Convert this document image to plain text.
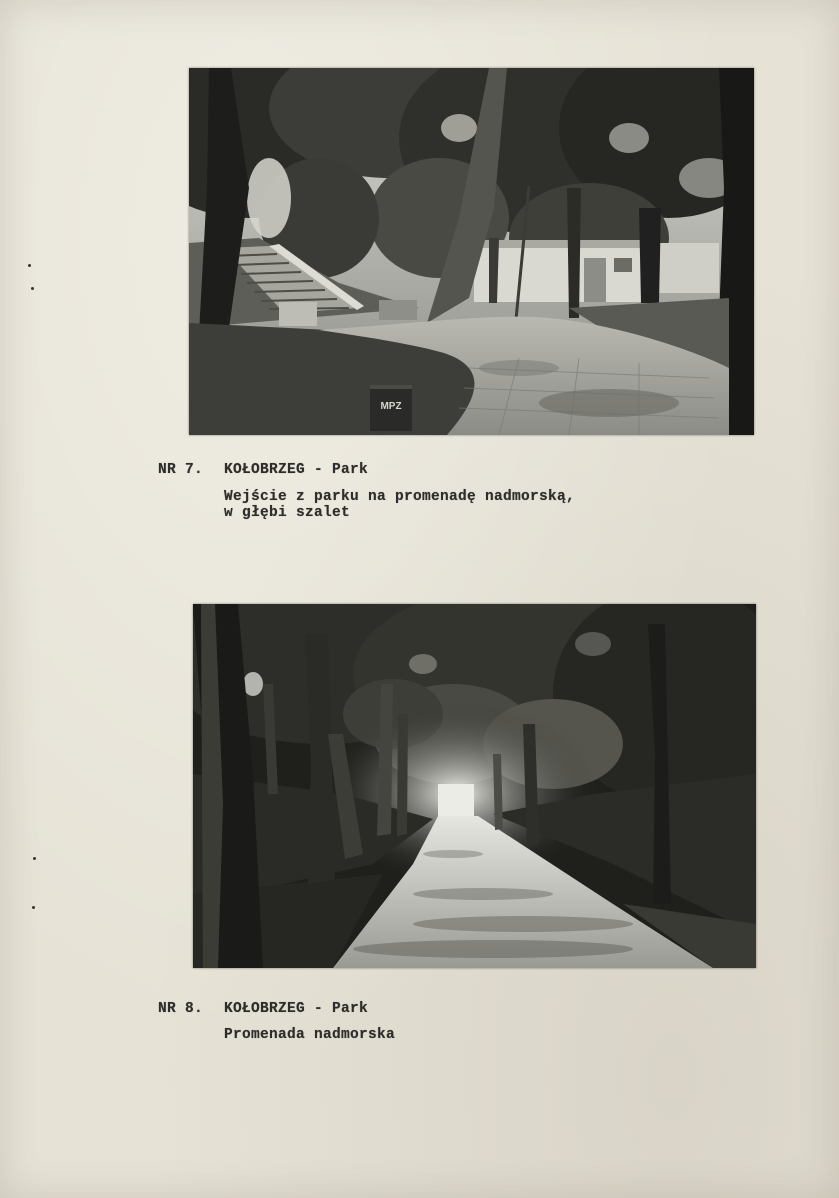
MPZ

NR 7.

KOŁOBRZEG - Park

Wejście z parku na promenadę nadmorską,

w głębi szalet

NR 8.

KOŁOBRZEG - Park

Promenada nadmorska
